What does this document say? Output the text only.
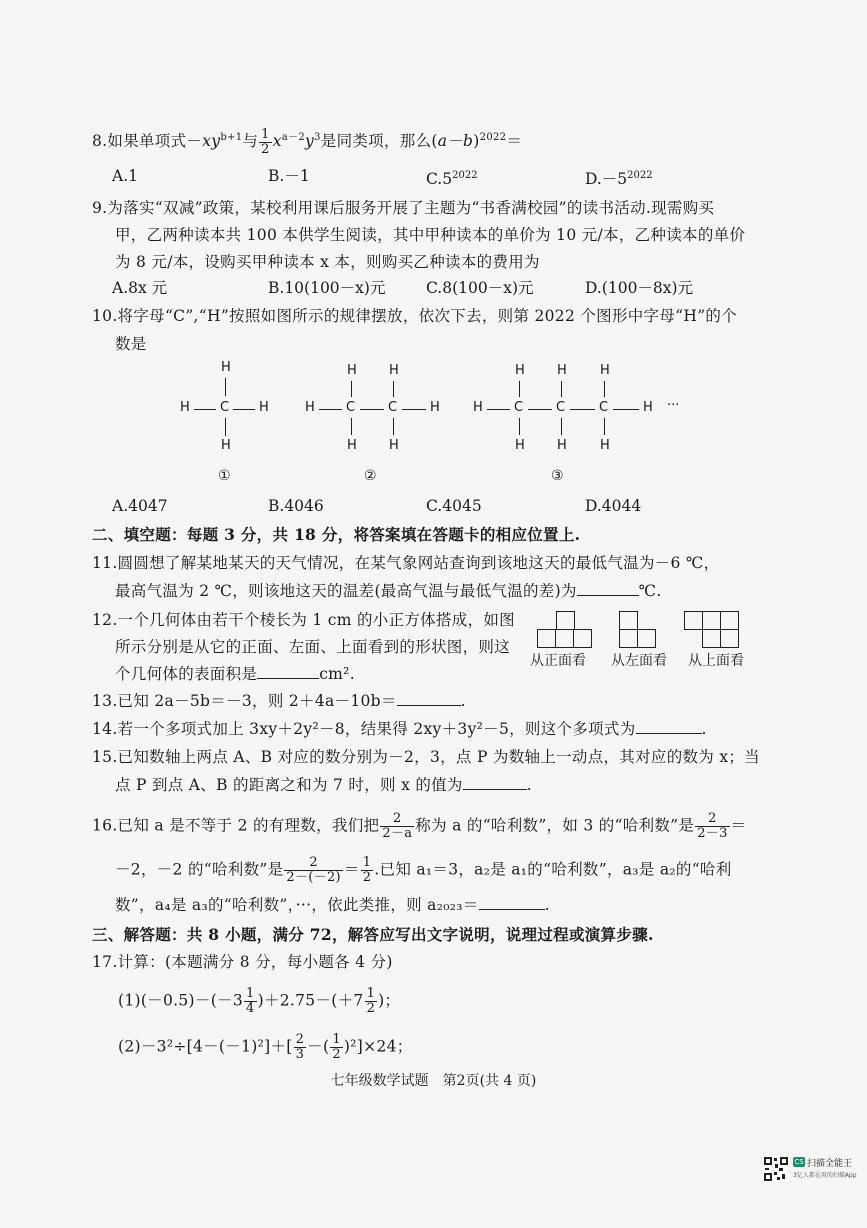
8.如果单项式$-xy^{b+1}$与 $\frac{1}{2} x^{a-2}y^3$是同类项，那么$(a-b)^{2022}=$
A.1	B.－1	$C.5^{2022}$	$D.-5^{2022}$
9.为落实“双减”政策，某校利用课后服务开展了主题为“书香满校园”的读书活动.现需购买
甲，乙两种读本共 100 本供学生阅读，其中甲种读本的单价为 10 元/本，乙种读本的单价
为 8 元/本，设购买甲种读本 x 本，则购买乙种读本的费用为
A.8x 元	B.10(100－x)元	C.8(100－x)元	D.(100－8x)元
10.将字母“C”,“H”按照如图所示的规律摆放，依次下去，则第 2022 个图形中字母“H”的个
数是
H
H C H
H
①
H H
H C	C	H
H H
②
H H	H
H C	C	C	H ···
H H	H
③
A.4047	B.4046	C.4045	D.4044
二、填空题：每题 3 分，共 18 分，将答案填在答题卡的相应位置上.
11.圆圆想了解某地某天的天气情况，在某气象网站查询到该地这天的最低气温为－6 ℃，
最高气温为 2 ℃，则该地这天的温差(最高气温与最低气温的差)为	℃.
12.一个几何体由若干个棱长为 1 cm 的小正方体搭成，如图
所示分别是从它的正面、左面、上面看到的形状图，则这
个几何体的表面积是	cm².
从正面看 从左面看 从上面看
13.已知 2a－5b＝－3，则 2＋4a－10b＝	.
14.若一个多项式加上 3xy＋2y²－8，结果得 2xy＋3y²－5，则这个多项式为	.
15.已知数轴上两点 A、B 对应的数分别为－2，3，点 P 为数轴上一动点，其对应的数为 x；当
点 P 到点 A、B 的距离之和为 7 时，则 x 的值为	.
16.已知 a 是不等于 2 的有理数，我们把 $\frac{2}{2-a}$ 称为 a 的“哈利数”，如 3 的“哈利数”是 $\frac{2}{2-3}$ ＝
－2，－2 的“哈利数”是 $\frac{2}{2-(-2)} = \frac{1}{2}$ .已知 a₁＝3，a₂是 a₁的“哈利数”，a₃是 a₂的“哈利
数”，a₄是 a₃的“哈利数”，···，依此类推，则 a₂₀₂₃＝	.
三、解答题：共 8 小题，满分 72，解答应写出文字说明，说理过程或演算步骤.
17.计算：(本题满分 8 分，每小题各 4 分)
$(1)(-0.5)-(-3 \frac{1}{4} )+2.75-(+7 \frac{1}{2}$ )；
$(2)-3^2\div[4-(-1)^2]+[ \frac{2}{3}$ －( $\frac{1}{2} )^2]\times 24$；
七年级数学试题　第2页(共 4 页)
CS 扫描全能王
3亿人都在用的扫描App
